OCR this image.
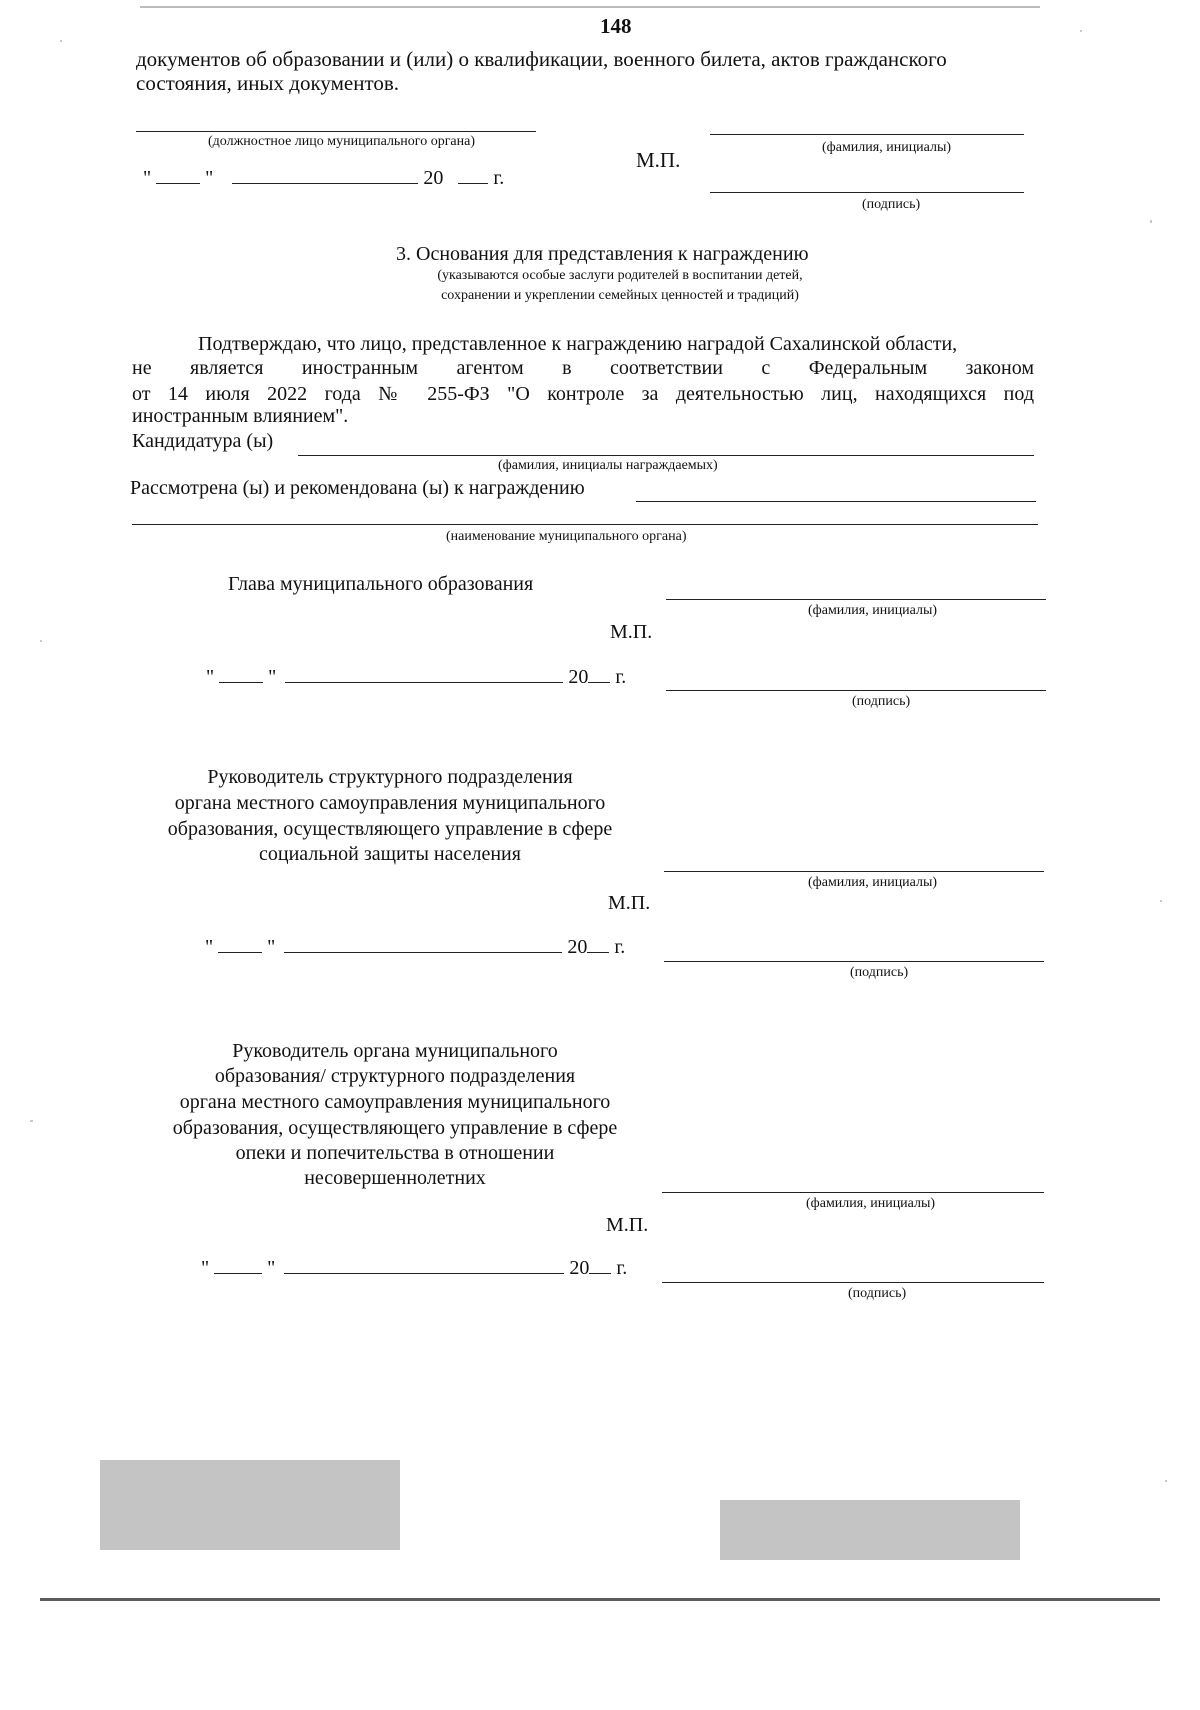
148
документов об образовании и (или) о квалификации, военного билета, актов гражданского
состояния, иных документов.
(должностное лицо муниципального органа)	(фамилия, инициалы)
М.П.
"	"	20	г.
(подпись)
3. Основания для представления к награждению
(указываются особые заслуги родителей в воспитании детей,
сохранении и укреплении семейных ценностей и традиций)
Подтверждаю, что лицо, представленное к награждению наградой Сахалинской области,
не является иностранным агентом в соответствии с Федеральным законом
от 14 июля 2022 года № 255-ФЗ "О контроле за деятельностью лиц, находящихся под
иностранным влиянием".
Кандидатура (ы)
(фамилия, инициалы награждаемых)
Рассмотрена (ы) и рекомендована (ы) к награждению
(наименование муниципального органа)
Глава муниципального образования
(фамилия, инициалы)
М.П.
"	"	20 г.
(подпись)
Руководитель структурного подразделения
органа местного самоуправления муниципального
образования, осуществляющего управление в сфере
социальной защиты населения
(фамилия, инициалы)
М.П.
"	"	20 г.
(подпись)
Руководитель органа муниципального
образования/ структурного подразделения
органа местного самоуправления муниципального
образования, осуществляющего управление в сфере
опеки и попечительства в отношении
несовершеннолетних
(фамилия, инициалы)
М.П.
"	"	20 г.
(подпись)
